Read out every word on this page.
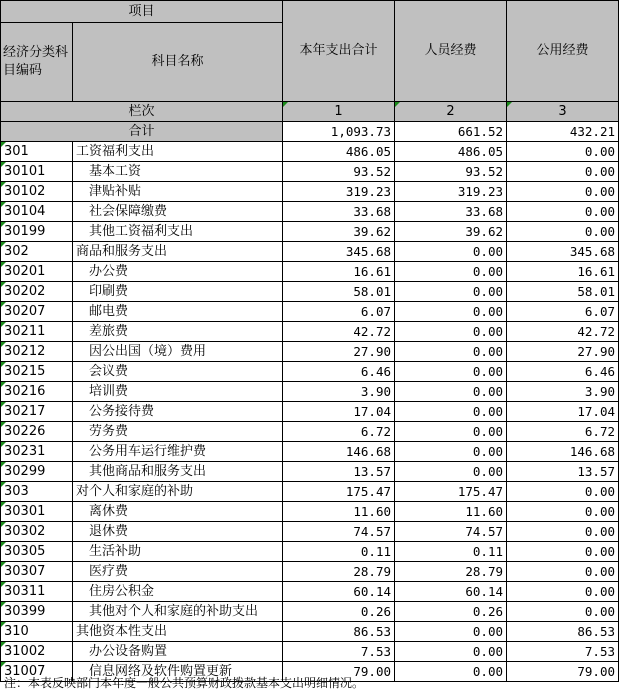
项目		本年支出合计	人员经费	公用经费
经济分类科目编码	科目名称			
栏次		1	2	3
合计		1,093.73	661.52	432.21
301	工资福利支出	486.05	486.05	0.00
30101	基本工资	93.52	93.52	0.00
30102	津贴补贴	319.23	319.23	0.00
30104	社会保障缴费	33.68	33.68	0.00
30199	其他工资福利支出	39.62	39.62	0.00
302	商品和服务支出	345.68	0.00	345.68
30201	办公费	16.61	0.00	16.61
30202	印刷费	58.01	0.00	58.01
30207	邮电费	6.07	0.00	6.07
30211	差旅费	42.72	0.00	42.72
30212	因公出国（境）费用	27.90	0.00	27.90
30215	会议费	6.46	0.00	6.46
30216	培训费	3.90	0.00	3.90
30217	公务接待费	17.04	0.00	17.04
30226	劳务费	6.72	0.00	6.72
30231	公务用车运行维护费	146.68	0.00	146.68
30299	其他商品和服务支出	13.57	0.00	13.57
303	对个人和家庭的补助	175.47	175.47	0.00
30301	离休费	11.60	11.60	0.00
30302	退休费	74.57	74.57	0.00
30305	生活补助	0.11	0.11	0.00
30307	医疗费	28.79	28.79	0.00
30311	住房公积金	60.14	60.14	0.00
30399	其他对个人和家庭的补助支出	0.26	0.26	0.00
310	其他资本性支出	86.53	0.00	86.53
31002	办公设备购置	7.53	0.00	7.53
31007	信息网络及软件购置更新	79.00	0.00	79.00
注：本表反映部门本年度一般公共预算财政拨款基本支出明细情况。
